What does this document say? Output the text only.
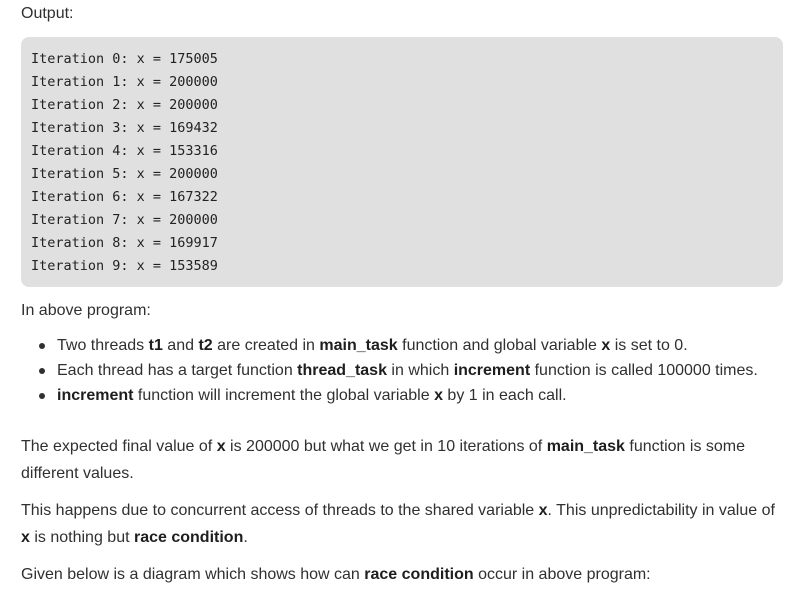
Output:
Iteration 0: x = 175005
Iteration 1: x = 200000
Iteration 2: x = 200000
Iteration 3: x = 169432
Iteration 4: x = 153316
Iteration 5: x = 200000
Iteration 6: x = 167322
Iteration 7: x = 200000
Iteration 8: x = 169917
Iteration 9: x = 153589
In above program:
Two threads t1 and t2 are created in main_task function and global variable x is set to 0.
Each thread has a target function thread_task in which increment function is called 100000 times.
increment function will increment the global variable x by 1 in each call.
The expected final value of x is 200000 but what we get in 10 iterations of main_task function is some different values.
This happens due to concurrent access of threads to the shared variable x. This unpredictability in value of x is nothing but race condition.
Given below is a diagram which shows how can race condition occur in above program:
